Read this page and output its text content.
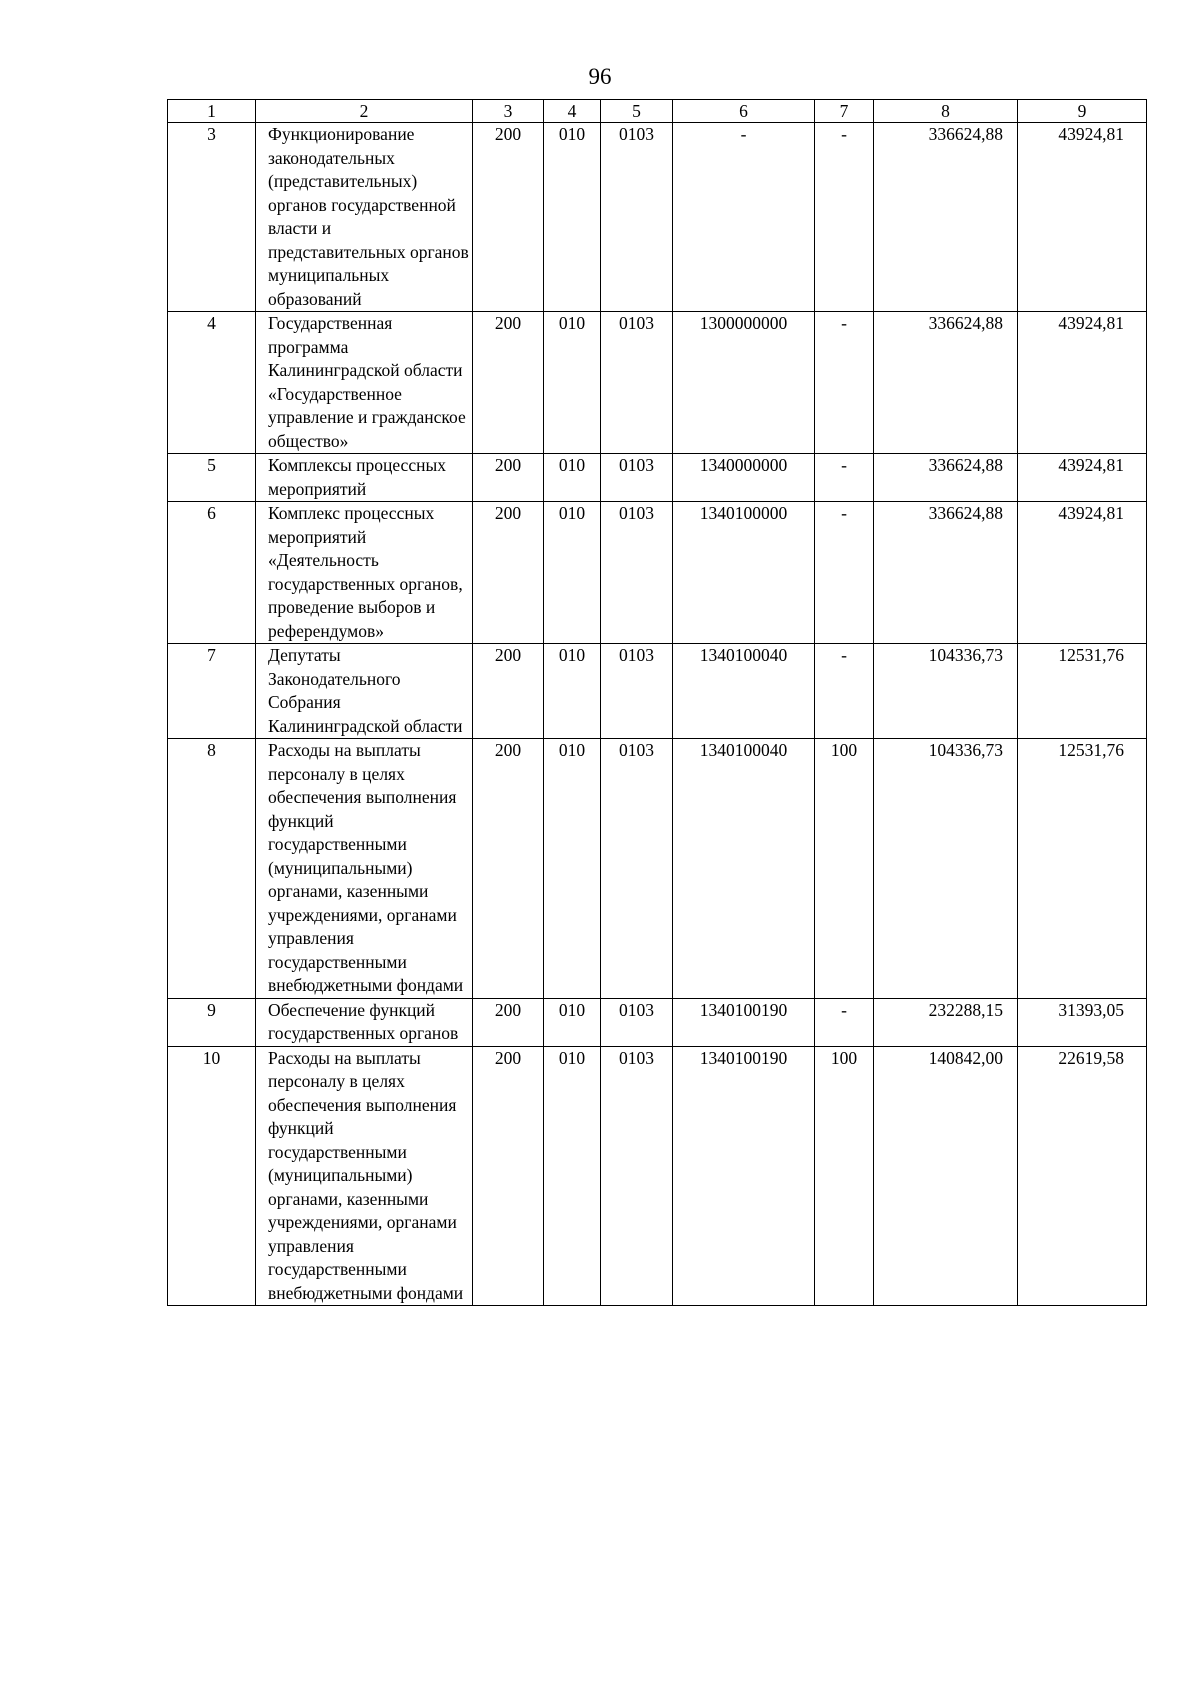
96
1	2	3	4	5	6	7	8	9
3	Функционирование законодательных (представительных) органов государственной власти и представительных органов муниципальных образований	200	010	0103	-	-	336624,88	43924,81
4	Государственная программа Калининградской области «Государственное управление и гражданское общество»	200	010	0103	1300000000	-	336624,88	43924,81
5	Комплексы процессных мероприятий	200	010	0103	1340000000	-	336624,88	43924,81
6	Комплекс процессных мероприятий «Деятельность государственных органов, проведение выборов и референдумов»	200	010	0103	1340100000	-	336624,88	43924,81
7	Депутаты Законодательного Собрания Калининградской области	200	010	0103	1340100040	-	104336,73	12531,76
8	Расходы на выплаты персоналу в целях обеспечения выполнения функций государственными (муниципальными) органами, казенными учреждениями, органами управления государственными внебюджетными фондами	200	010	0103	1340100040	100	104336,73	12531,76
9	Обеспечение функций государственных органов	200	010	0103	1340100190	-	232288,15	31393,05
10	Расходы на выплаты персоналу в целях обеспечения выполнения функций государственными (муниципальными) органами, казенными учреждениями, органами управления государственными внебюджетными фондами	200	010	0103	1340100190	100	140842,00	22619,58
